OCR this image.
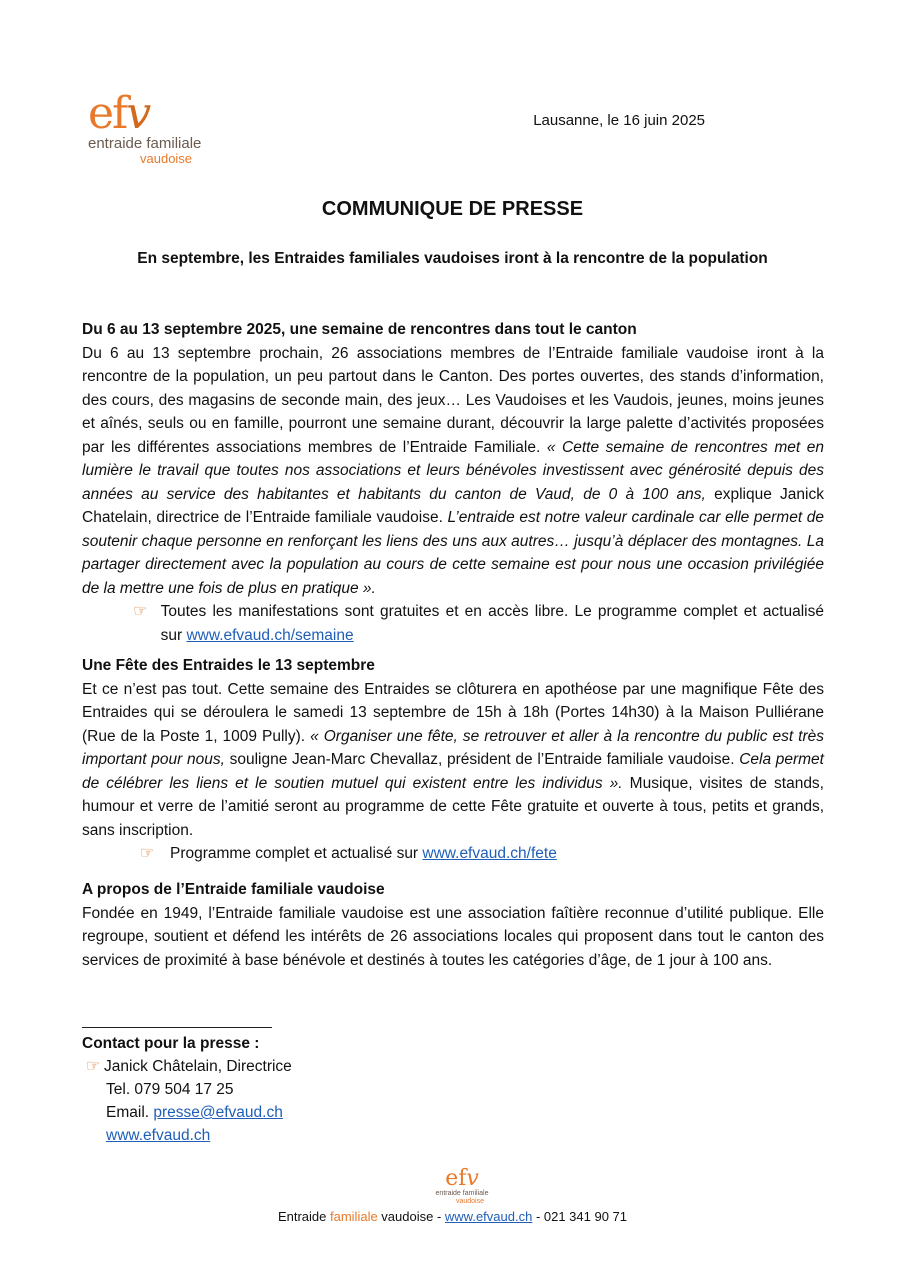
efv
entraide familiale
vaudoise
Lausanne, le 16 juin 2025
COMMUNIQUE DE PRESSE
En septembre, les Entraides familiales vaudoises iront à la rencontre de la population
Du 6 au 13 septembre 2025, une semaine de rencontres dans tout le canton
Du 6 au 13 septembre prochain, 26 associations membres de l’Entraide familiale vaudoise iront à la rencontre de la population, un peu partout dans le Canton. Des portes ouvertes, des stands d’information, des cours, des magasins de seconde main, des jeux… Les Vaudoises et les Vaudois, jeunes, moins jeunes et aînés, seuls ou en famille, pourront une semaine durant, découvrir la large palette d’activités proposées par les différentes associations membres de l’Entraide Familiale. « Cette semaine de rencontres met en lumière le travail que toutes nos associations et leurs bénévoles investissent avec générosité depuis des années au service des habitantes et habitants du canton de Vaud, de 0 à 100 ans, explique Janick Chatelain, directrice de l’Entraide familiale vaudoise. L’entraide est notre valeur cardinale car elle permet de soutenir chaque personne en renforçant les liens des uns aux autres… jusqu’à déplacer des montagnes. La partager directement avec la population au cours de cette semaine est pour nous une occasion privilégiée de la mettre une fois de plus en pratique ».
☞ Toutes les manifestations sont gratuites et en accès libre. Le programme complet et actualisé sur www.efvaud.ch/semaine
Une Fête des Entraides le 13 septembre
Et ce n’est pas tout. Cette semaine des Entraides se clôturera en apothéose par une magnifique Fête des Entraides qui se déroulera le samedi 13 septembre de 15h à 18h (Portes 14h30) à la Maison Pulliérane (Rue de la Poste 1, 1009 Pully). « Organiser une fête, se retrouver et aller à la rencontre du public est très important pour nous, souligne Jean-Marc Chevallaz, président de l’Entraide familiale vaudoise. Cela permet de célébrer les liens et le soutien mutuel qui existent entre les individus ». Musique, visites de stands, humour et verre de l’amitié seront au programme de cette Fête gratuite et ouverte à tous, petits et grands, sans inscription.
☞	Programme complet et actualisé sur www.efvaud.ch/fete
A propos de l’Entraide familiale vaudoise
Fondée en 1949, l’Entraide familiale vaudoise est une association faîtière reconnue d’utilité publique. Elle regroupe, soutient et défend les intérêts de 26 associations locales qui proposent dans tout le canton des services de proximité à base bénévole et destinés à toutes les catégories d’âge, de 1 jour à 100 ans.
Contact pour la presse :
☞ Janick Châtelain, Directrice
Tel. 079 504 17 25
Email. presse@efvaud.ch
www.efvaud.ch
efv
entraide familiale
vaudoise
Entraide familiale vaudoise - www.efvaud.ch - 021 341 90 71
